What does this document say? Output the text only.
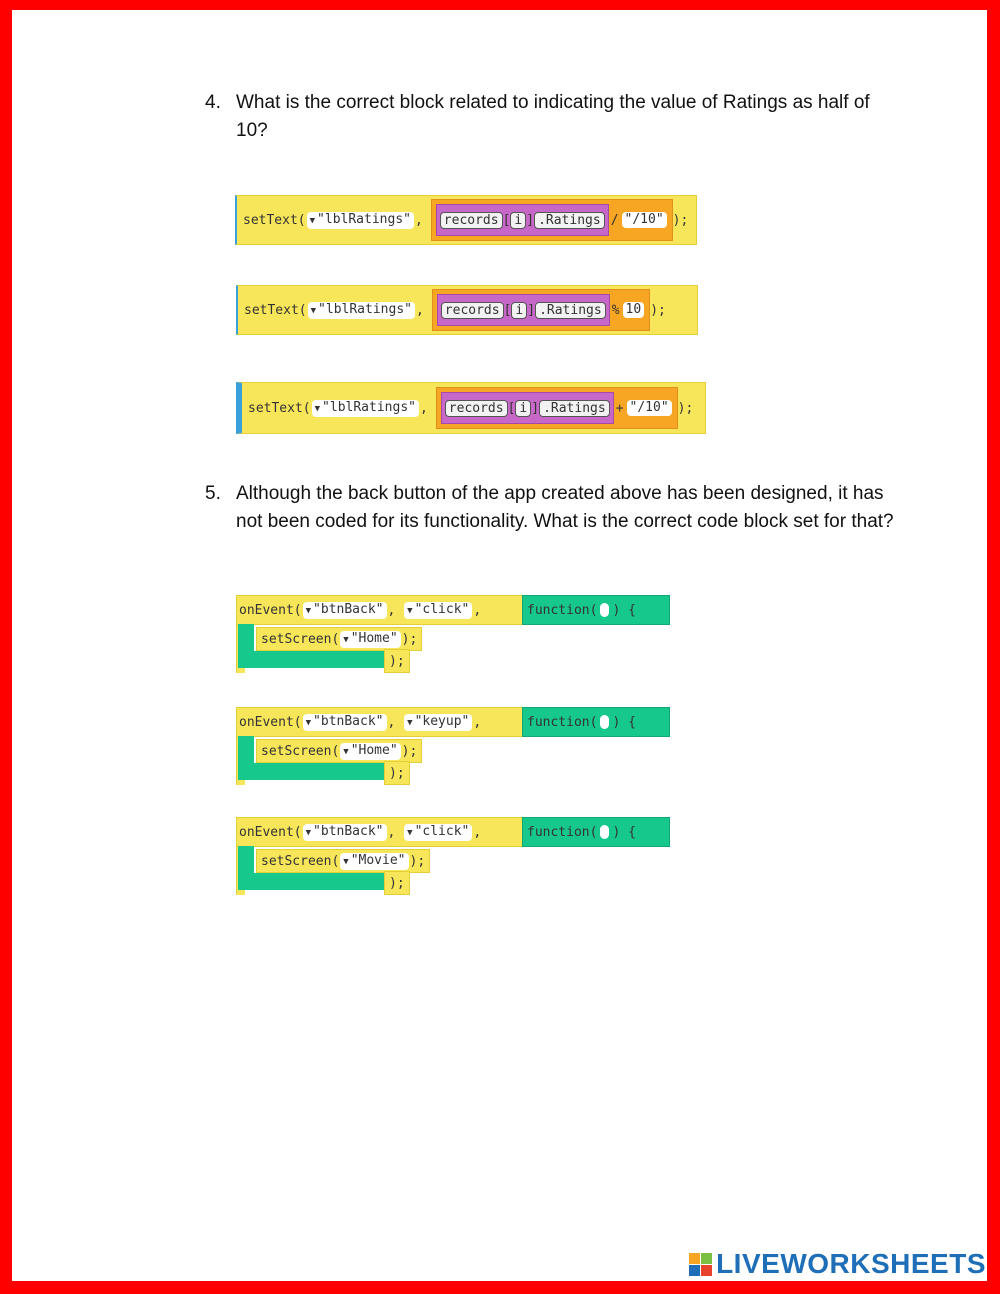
4. What is the correct block related to indicating the value of Ratings as half of 10?
setText ( ▼ "lblRatings" ,	records [ i ] .Ratings / "/10" );
setText ( ▼ "lblRatings" ,	records [ i ] .Ratings % 10 );
setText ( ▼ "lblRatings" ,	records [ i ] .Ratings + "/10" );
5. Although the back button of the app created above has been designed, it has not been coded for its functionality. What is the correct code block set for that?
onEvent ( ▼ "btnBack" , ▼ "click" ,	function ( ) {
setScreen ( ▼ "Home" );
);
onEvent ( ▼ "btnBack" , ▼ "keyup" ,	function ( ) {
setScreen ( ▼ "Home" );
);
onEvent ( ▼ "btnBack" , ▼ "click" ,	function ( ) {
setScreen ( ▼ "Movie" );
);
LIVEWORKSHEETS
